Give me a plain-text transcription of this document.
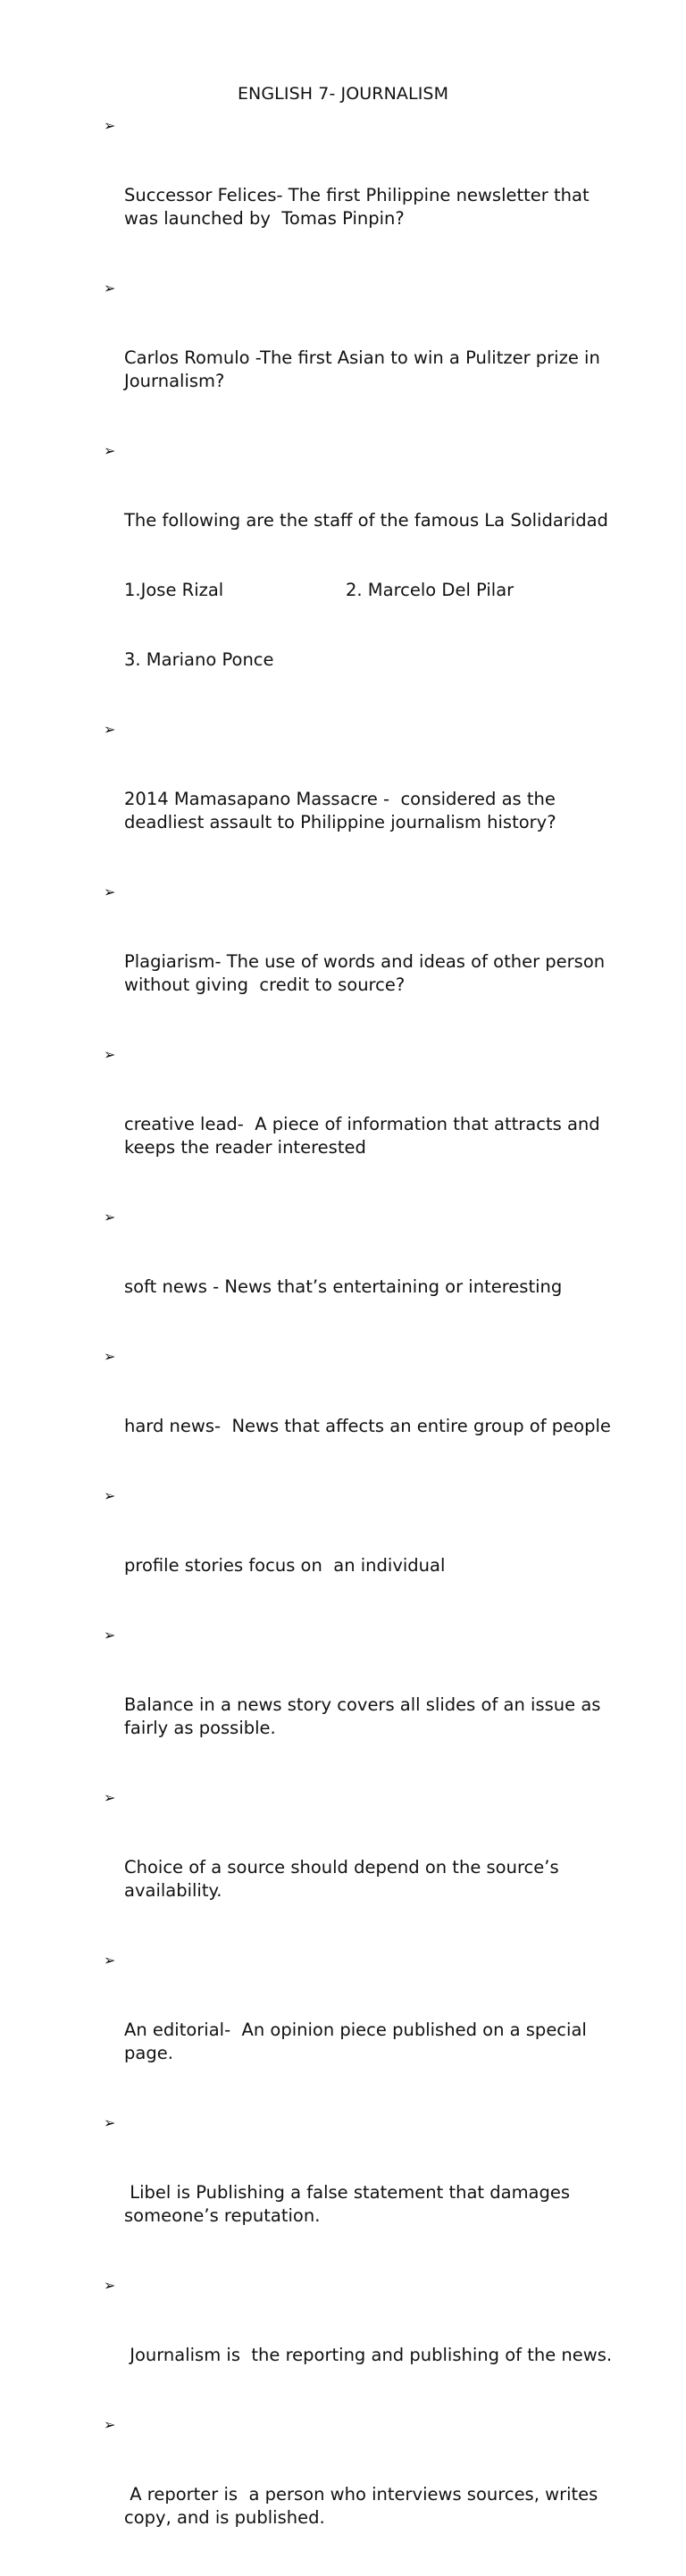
ENGLISH 7- JOURNALISM

➢

Successor Felices- The first Philippine newsletter that was launched by  Tomas Pinpin?

➢

Carlos Romulo -The first Asian to win a Pulitzer prize in Journalism?

➢

The following are the staff of the famous La Solidaridad

1.Jose Rizal	2. Marcelo Del Pilar

3. Mariano Ponce

➢

2014 Mamasapano Massacre -  considered as the deadliest assault to Philippine journalism history?

➢

Plagiarism- The use of words and ideas of other person without giving  credit to source?

➢

creative lead-  A piece of information that attracts and keeps the reader interested

➢

soft news - News that’s entertaining or interesting

➢

hard news-  News that affects an entire group of people

➢

profile stories focus on  an individual

➢

Balance in a news story covers all slides of an issue as fairly as possible.

➢

Choice of a source should depend on the source’s availability.

➢

An editorial-  An opinion piece published on a special page.

➢

Libel is Publishing a false statement that damages someone’s reputation.

➢

Journalism is  the reporting and publishing of the news.

➢

A reporter is  a person who interviews sources, writes copy, and is published.
